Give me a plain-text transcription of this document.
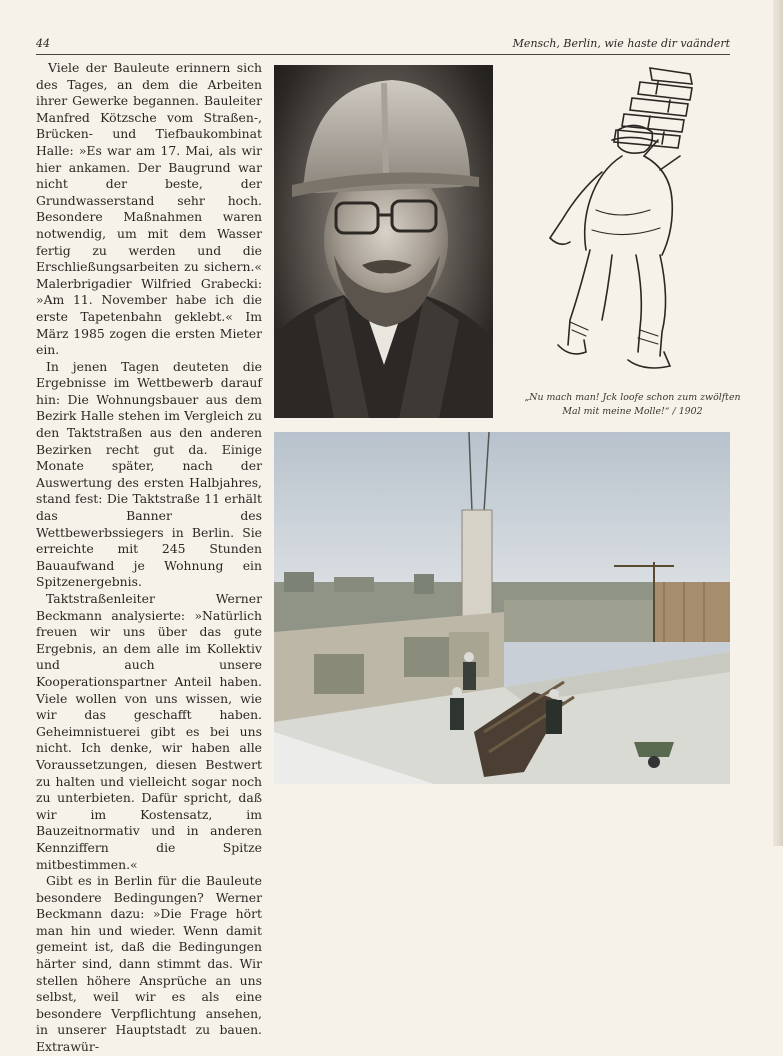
44	Mensch, Berlin, wie haste dir vaändert

Viele der Bauleute erinnern sich des Tages, an dem die Arbeiten ihrer Gewerke begannen. Bauleiter Manfred Kötzsche vom Straßen-, Brücken- und Tiefbaukombinat Halle: »Es war am 17. Mai, als wir hier ankamen. Der Baugrund war nicht der beste, der Grundwasserstand sehr hoch. Besondere Maßnahmen waren notwendig, um mit dem Wasser fertig zu werden und die Erschließungsarbeiten zu sichern.« Malerbrigadier Wilfried Grabecki: »Am 11. November habe ich die erste Tapetenbahn geklebt.« Im März 1985 zogen die ersten Mieter ein.

In jenen Tagen deuteten die Ergebnisse im Wettbewerb darauf hin: Die Wohnungsbauer aus dem Bezirk Halle stehen im Vergleich zu den Taktstraßen aus den anderen Bezirken recht gut da. Einige Monate später, nach der Auswertung des ersten Halbjahres, stand fest: Die Taktstraße 11 erhält das Banner des Wettbewerbssiegers in Berlin. Sie erreichte mit 245 Stunden Bauaufwand je Wohnung ein Spitzenergebnis.

Taktstraßenleiter Werner Beckmann analysierte: »Natürlich freuen wir uns über das gute Ergebnis, an dem alle im Kollektiv und auch unsere Kooperationspartner Anteil haben. Viele wollen von uns wissen, wie wir das geschafft haben. Geheimnistuerei gibt es bei uns nicht. Ich denke, wir haben alle Voraussetzungen, diesen Bestwert zu halten und vielleicht sogar noch zu unterbieten. Dafür spricht, daß wir im Kostensatz, im Bauzeitnormativ und in anderen Kennziffern die Spitze mitbestimmen.«

Gibt es in Berlin für die Bauleute besondere Bedingungen? Werner Beckmann dazu: »Die Frage hört man hin und wieder. Wenn damit gemeint ist, daß die Bedingungen härter sind, dann stimmt das. Wir stellen höhere Ansprüche an uns selbst, weil wir es als eine besondere Verpflichtung ansehen, in unserer Hauptstadt zu bauen. Extrawür-

„Nu mach man! Jck loofe schon zum zwölften
Mal mit meine Molle!“ / 1902
